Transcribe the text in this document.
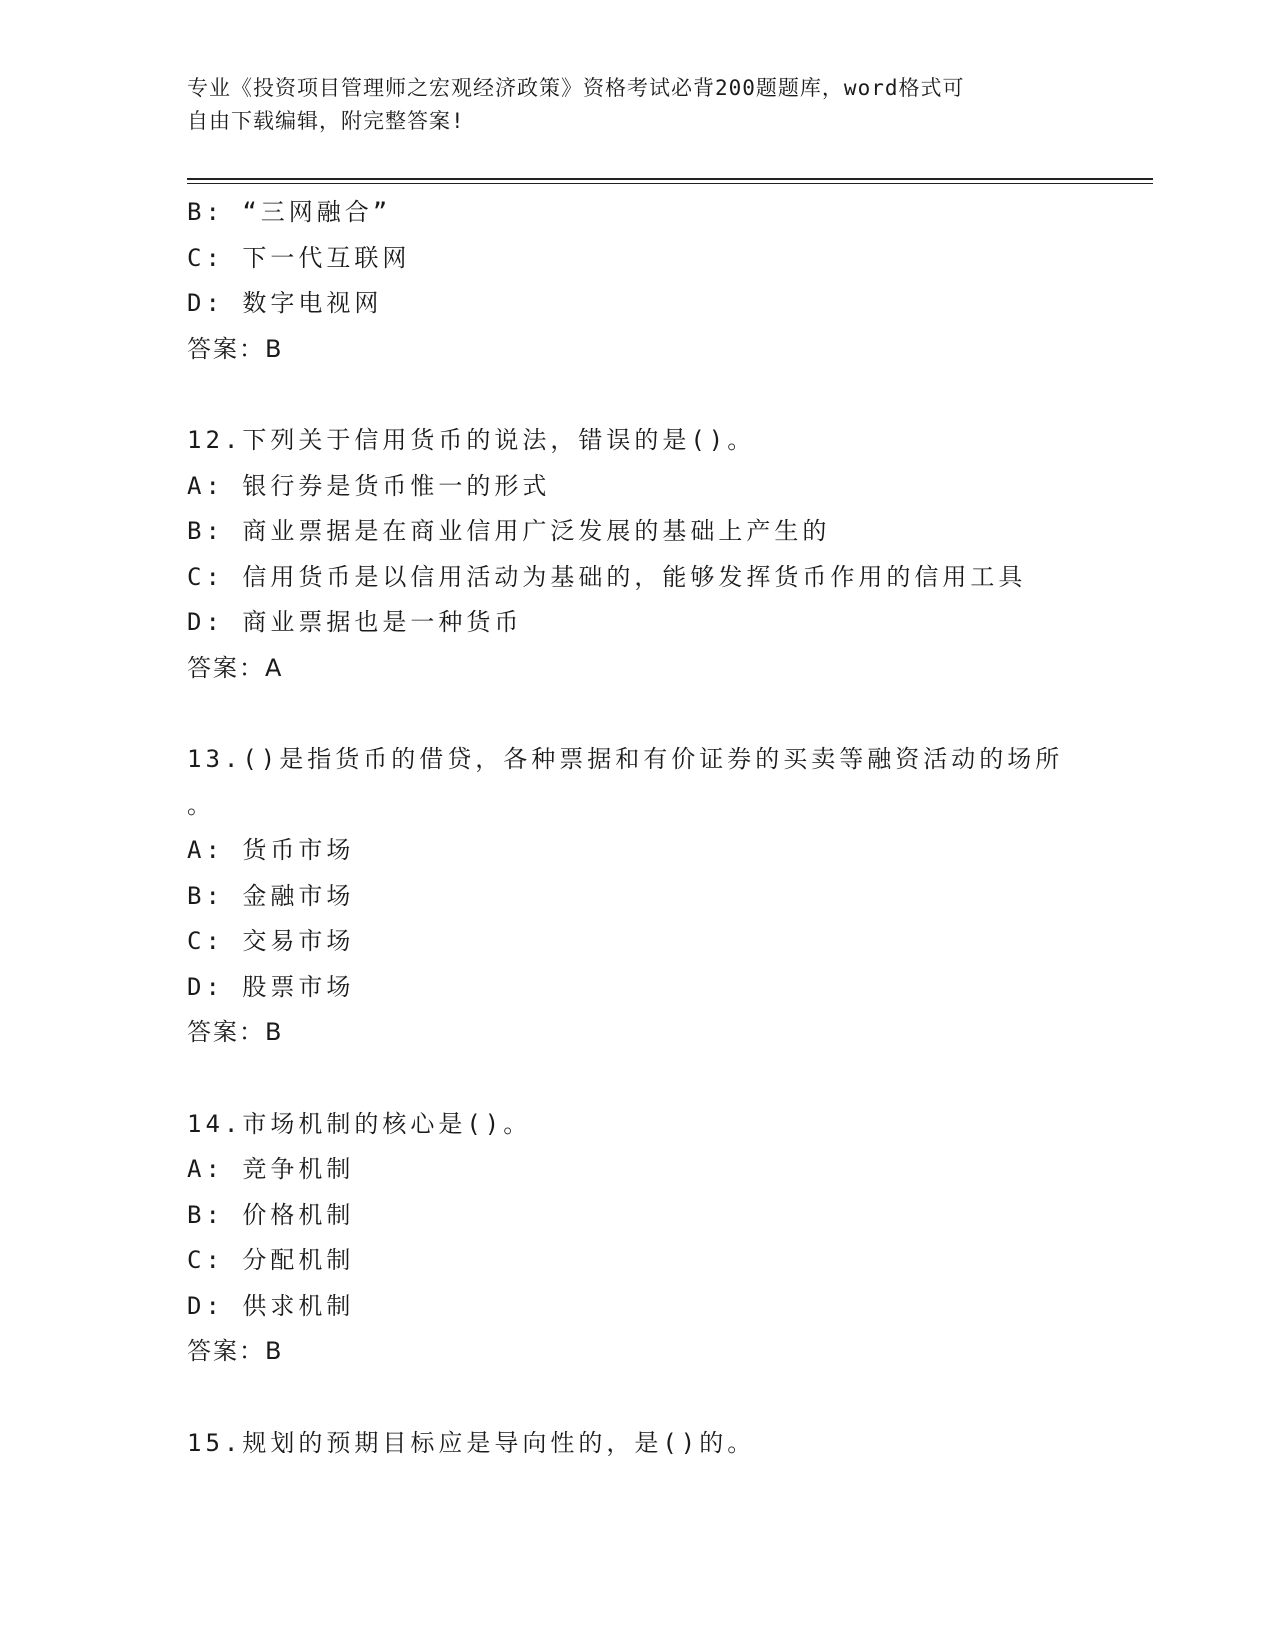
专业《投资项目管理师之宏观经济政策》资格考试必背200题题库，word格式可
自由下载编辑，附完整答案!
B: “三网融合”
C: 下一代互联网
D: 数字电视网
答案：B
12.下列关于信用货币的说法，错误的是()。
A: 银行券是货币惟一的形式
B: 商业票据是在商业信用广泛发展的基础上产生的
C: 信用货币是以信用活动为基础的，能够发挥货币作用的信用工具
D: 商业票据也是一种货币
答案：A
13.()是指货币的借贷，各种票据和有价证券的买卖等融资活动的场所
。
A: 货币市场
B: 金融市场
C: 交易市场
D: 股票市场
答案：B
14.市场机制的核心是()。
A: 竞争机制
B: 价格机制
C: 分配机制
D: 供求机制
答案：B
15.规划的预期目标应是导向性的，是()的。
